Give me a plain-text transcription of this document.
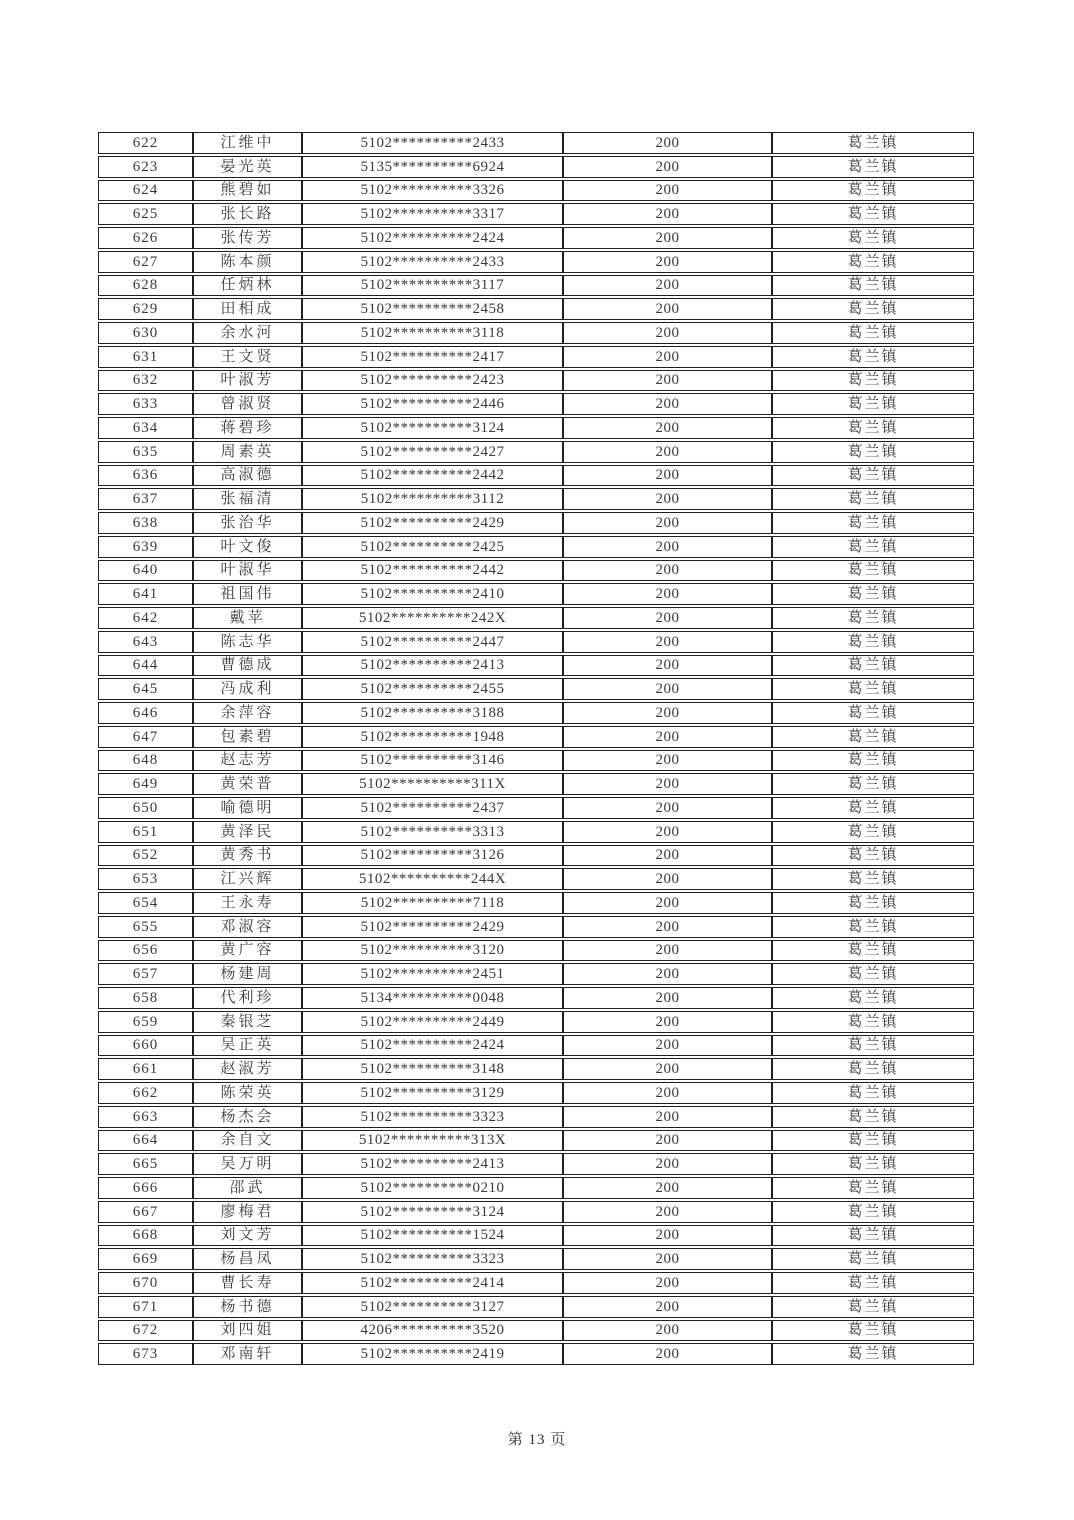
622	江维中	5102**********2433	200	葛兰镇
623	晏光英	5135**********6924	200	葛兰镇
624	熊碧如	5102**********3326	200	葛兰镇
625	张长路	5102**********3317	200	葛兰镇
626	张传芳	5102**********2424	200	葛兰镇
627	陈本颜	5102**********2433	200	葛兰镇
628	任炳林	5102**********3117	200	葛兰镇
629	田相成	5102**********2458	200	葛兰镇
630	余水河	5102**********3118	200	葛兰镇
631	王文贤	5102**********2417	200	葛兰镇
632	叶淑芳	5102**********2423	200	葛兰镇
633	曾淑贤	5102**********2446	200	葛兰镇
634	蒋碧珍	5102**********3124	200	葛兰镇
635	周素英	5102**********2427	200	葛兰镇
636	高淑德	5102**********2442	200	葛兰镇
637	张福清	5102**********3112	200	葛兰镇
638	张治华	5102**********2429	200	葛兰镇
639	叶文俊	5102**********2425	200	葛兰镇
640	叶淑华	5102**********2442	200	葛兰镇
641	祖国伟	5102**********2410	200	葛兰镇
642	戴苹	5102**********242X	200	葛兰镇
643	陈志华	5102**********2447	200	葛兰镇
644	曹德成	5102**********2413	200	葛兰镇
645	冯成利	5102**********2455	200	葛兰镇
646	余萍容	5102**********3188	200	葛兰镇
647	包素碧	5102**********1948	200	葛兰镇
648	赵志芳	5102**********3146	200	葛兰镇
649	黄荣普	5102**********311X	200	葛兰镇
650	喻德明	5102**********2437	200	葛兰镇
651	黄泽民	5102**********3313	200	葛兰镇
652	黄秀书	5102**********3126	200	葛兰镇
653	江兴辉	5102**********244X	200	葛兰镇
654	王永寿	5102**********7118	200	葛兰镇
655	邓淑容	5102**********2429	200	葛兰镇
656	黄广容	5102**********3120	200	葛兰镇
657	杨建周	5102**********2451	200	葛兰镇
658	代利珍	5134**********0048	200	葛兰镇
659	秦银芝	5102**********2449	200	葛兰镇
660	吴正英	5102**********2424	200	葛兰镇
661	赵淑芳	5102**********3148	200	葛兰镇
662	陈荣英	5102**********3129	200	葛兰镇
663	杨杰会	5102**********3323	200	葛兰镇
664	余自文	5102**********313X	200	葛兰镇
665	吴万明	5102**********2413	200	葛兰镇
666	邵武	5102**********0210	200	葛兰镇
667	廖梅君	5102**********3124	200	葛兰镇
668	刘文芳	5102**********1524	200	葛兰镇
669	杨昌凤	5102**********3323	200	葛兰镇
670	曹长寿	5102**********2414	200	葛兰镇
671	杨书德	5102**********3127	200	葛兰镇
672	刘四姐	4206**********3520	200	葛兰镇
673	邓南轩	5102**********2419	200	葛兰镇
第 13 页
